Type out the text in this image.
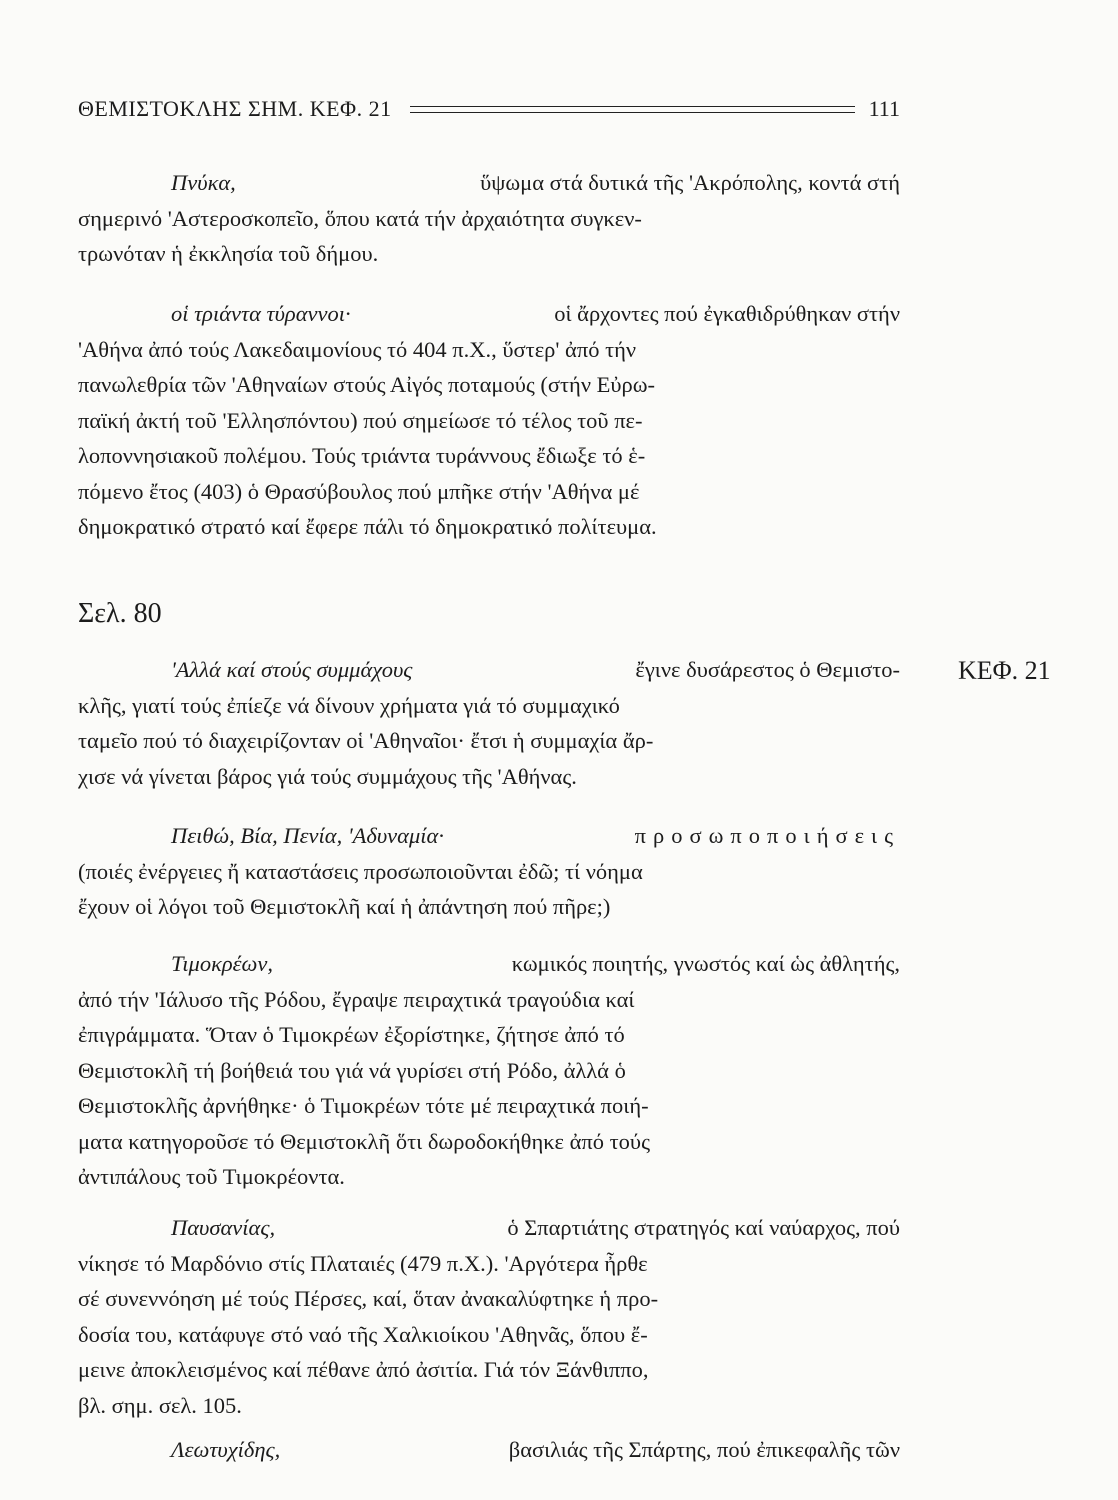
ΘΕΜΙΣΤΟΚΛΗΣ ΣΗΜ. ΚΕΦ. 21	111
Πνύκα,	ὕψωμα στά δυτικά τῆς 'Ακρόπολης, κοντά στή
σημερινό 'Αστεροσκοπεῖο, ὅπου κατά τήν ἀρχαιότητα συγκεν-
τρωνόταν ἡ ἐκκλησία τοῦ δήμου.
οἱ τριάντα τύραννοι·	οἱ ἄρχοντες πού ἐγκαθιδρύθηκαν στήν
'Αθήνα ἀπό τούς Λακεδαιμονίους τό 404 π.Χ., ὕστερ' ἀπό τήν
πανωλεθρία τῶν 'Αθηναίων στούς Αἰγός ποταμούς (στήν Εὐρω-
παϊκή ἀκτή τοῦ 'Ελλησπόντου) πού σημείωσε τό τέλος τοῦ πε-
λοποννησιακοῦ πολέμου. Τούς τριάντα τυράννους ἔδιωξε τό ἑ-
πόμενο ἔτος (403) ὁ Θρασύβουλος πού μπῆκε στήν 'Αθήνα μέ
δημοκρατικό στρατό καί ἔφερε πάλι τό δημοκρατικό πολίτευμα.
Σελ. 80
ΚΕΦ. 21
'Αλλά καί στούς συμμάχους	ἔγινε δυσάρεστος ὁ Θεμιστο-
κλῆς, γιατί τούς ἐπίεζε νά δίνουν χρήματα γιά τό συμμαχικό
ταμεῖο πού τό διαχειρίζονταν οἱ 'Αθηναῖοι· ἔτσι ἡ συμμαχία ἄρ-
χισε νά γίνεται βάρος γιά τούς συμμάχους τῆς 'Αθήνας.
Πειθώ, Βία, Πενία, 'Αδυναμία·	προσωποποιήσεις
(ποιές ἐνέργειες ἤ καταστάσεις προσωποιοῦνται ἐδῶ; τί νόημα
ἔχουν οἱ λόγοι τοῦ Θεμιστοκλῆ καί ἡ ἀπάντηση πού πῆρε;)
Τιμοκρέων,	κωμικός ποιητής, γνωστός καί ὡς ἀθλητής,
ἀπό τήν 'Ιάλυσο τῆς Ρόδου, ἔγραψε πειραχτικά τραγούδια καί
ἐπιγράμματα. Ὅταν ὁ Τιμοκρέων ἐξορίστηκε, ζήτησε ἀπό τό
Θεμιστοκλῆ τή βοήθειά του γιά νά γυρίσει στή Ρόδο, ἀλλά ὁ
Θεμιστοκλῆς ἀρνήθηκε· ὁ Τιμοκρέων τότε μέ πειραχτικά ποιή-
ματα κατηγοροῦσε τό Θεμιστοκλῆ ὅτι δωροδοκήθηκε ἀπό τούς
ἀντιπάλους τοῦ Τιμοκρέοντα.
Παυσανίας,	ὁ Σπαρτιάτης στρατηγός καί ναύαρχος, πού
νίκησε τό Μαρδόνιο στίς Πλαταιές (479 π.Χ.). 'Αργότερα ἦρθε
σέ συνεννόηση μέ τούς Πέρσες, καί, ὅταν ἀνακαλύφτηκε ἡ προ-
δοσία του, κατάφυγε στό ναό τῆς Χαλκιοίκου 'Αθηνᾶς, ὅπου ἔ-
μεινε ἀποκλεισμένος καί πέθανε ἀπό ἀσιτία. Γιά τόν Ξάνθιππο,
βλ. σημ. σελ. 105.
Λεωτυχίδης,	βασιλιάς τῆς Σπάρτης, πού ἐπικεφαλῆς τῶν
